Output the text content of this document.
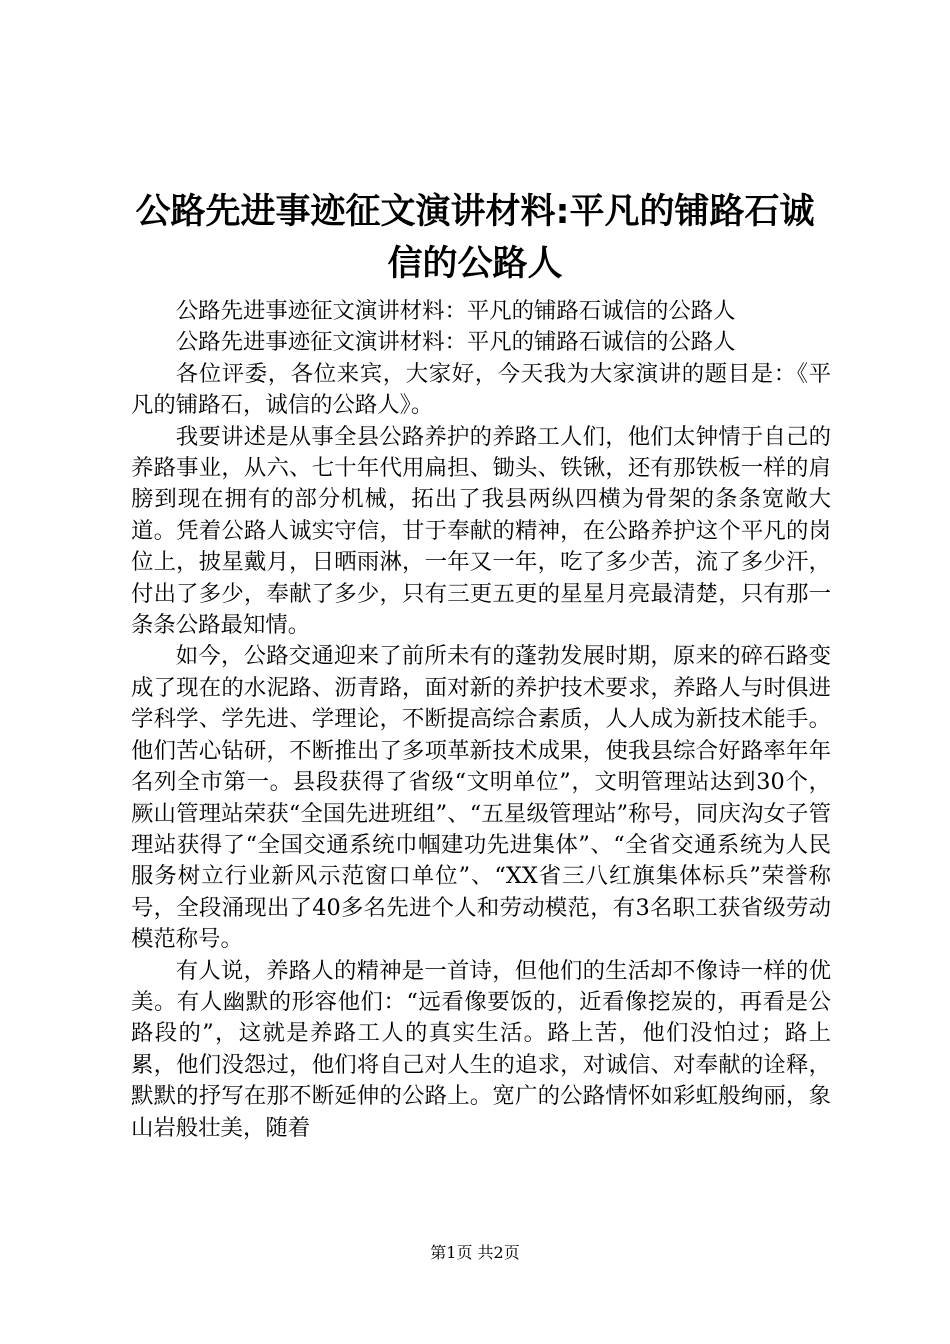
公路先进事迹征文演讲材料:平凡的铺路石诚
信的公路人

公路先进事迹征文演讲材料：平凡的铺路石诚信的公路人

公路先进事迹征文演讲材料：平凡的铺路石诚信的公路人

各位评委，各位来宾，大家好，今天我为大家演讲的题目是：《平凡的铺路石，诚信的公路人》。

我要讲述是从事全县公路养护的养路工人们，他们太钟情于自己的养路事业，从六、七十年代用扁担、锄头、铁锹，还有那铁板一样的肩膀到现在拥有的部分机械，拓出了我县两纵四横为骨架的条条宽敞大道。凭着公路人诚实守信，甘于奉献的精神，在公路养护这个平凡的岗位上，披星戴月，日晒雨淋，一年又一年，吃了多少苦，流了多少汗，付出了多少，奉献了多少，只有三更五更的星星月亮最清楚，只有那一条条公路最知情。

如今，公路交通迎来了前所未有的蓬勃发展时期，原来的碎石路变成了现在的水泥路、沥青路，面对新的养护技术要求，养路人与时俱进学科学、学先进、学理论，不断提高综合素质，人人成为新技术能手。他们苦心钻研，不断推出了多项革新技术成果，使我县综合好路率年年名列全市第一。县段获得了省级“文明单位”，文明管理站达到30个，厥山管理站荣获“全国先进班组”、“五星级管理站”称号，同庆沟女子管理站获得了“全国交通系统巾帼建功先进集体”、“全省交通系统为人民服务树立行业新风示范窗口单位”、“XX省三八红旗集体标兵”荣誉称号，全段涌现出了40多名先进个人和劳动模范，有3名职工获省级劳动模范称号。

有人说，养路人的精神是一首诗，但他们的生活却不像诗一样的优美。有人幽默的形容他们：“远看像要饭的，近看像挖炭的，再看是公路段的”，这就是养路工人的真实生活。路上苦，他们没怕过；路上累，他们没怨过，他们将自己对人生的追求，对诚信、对奉献的诠释，默默的抒写在那不断延伸的公路上。宽广的公路情怀如彩虹般绚丽，象山岩般壮美，随着

第1页 共2页
